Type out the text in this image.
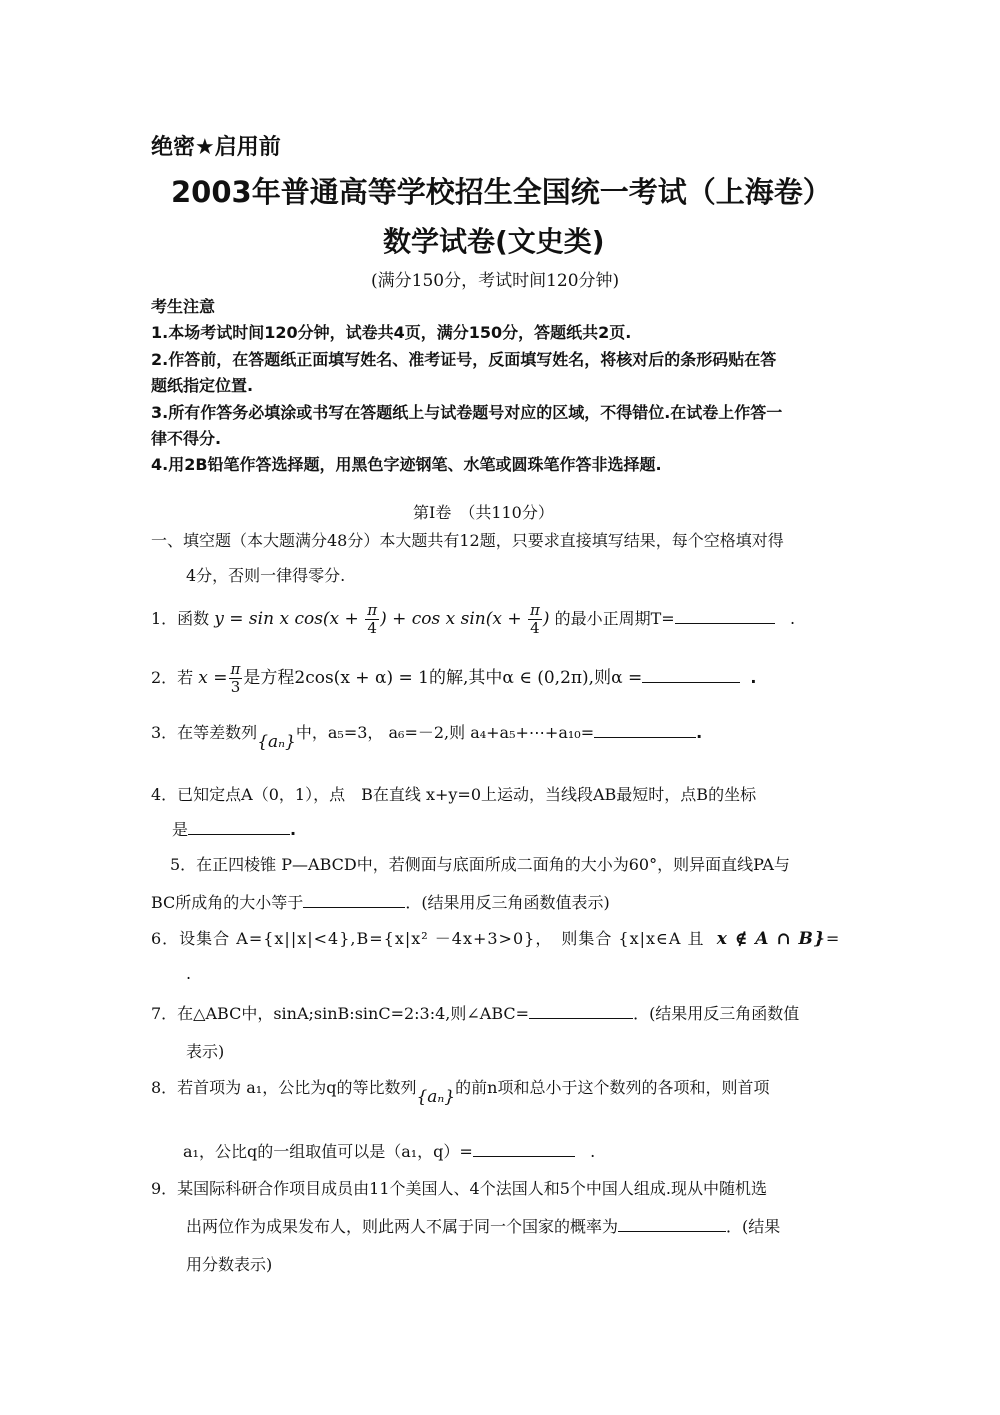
绝密★启用前
2003年普通高等学校招生全国统一考试（上海卷）
数学试卷(文史类)
(满分150分，考试时间120分钟)
考生注意
1.本场考试时间120分钟，试卷共4页，满分150分，答题纸共2页.
2.作答前，在答题纸正面填写姓名、准考证号，反面填写姓名，将核对后的条形码贴在答
题纸指定位置.
3.所有作答务必填涂或书写在答题纸上与试卷题号对应的区域，不得错位.在试卷上作答一
律不得分.
4.用2B铅笔作答选择题，用黑色字迹钢笔、水笔或圆珠笔作答非选择题.
第Ⅰ卷　（共110分）
一、填空题（本大题满分48分）本大题共有12题，只要求直接填写结果，每个空格填对得
4分，否则一律得零分.
1．函数 y = sin x $\cos(x + \frac{\pi}{4}$ ) + cos x $\sin(x + \frac{\pi}{4}$ ) 的最小正周期T=	.
2．若 $x = \frac{\pi}{3}$ 是方程2cos(x + α) = 1的解,其中α ∈ (0,2π),则α =	.
3．在等差数列{aₙ}中，a₅=3， a₆=－2,则 a₄+a₅+⋯+a₁₀=	.
4．已知定点A（0，1），点　B在直线 x+y=0上运动，当线段AB最短时，点B的坐标
是	.
5．在正四棱锥 P—ABCD中，若侧面与底面所成二面角的大小为60°，则异面直线PA与
BC所成角的大小等于	．(结果用反三角函数值表示)
6．设集合 A={x||x|<4},B={x|x² －4x+3>0}，　则集合 {x|x∈A 且 x ∉ A ∩ B}=
.
7．在△ABC中，sinA;sinB:sinC=2:3:4,则∠ABC=	．(结果用反三角函数值
表示)
8．若首项为 a₁，公比为q的等比数列{aₙ}的前n项和总小于这个数列的各项和，则首项
a₁，公比q的一组取值可以是（a₁，q）=	.
9．某国际科研合作项目成员由11个美国人、4个法国人和5个中国人组成.现从中随机选
出两位作为成果发布人，则此两人不属于同一个国家的概率为	．(结果
用分数表示)
